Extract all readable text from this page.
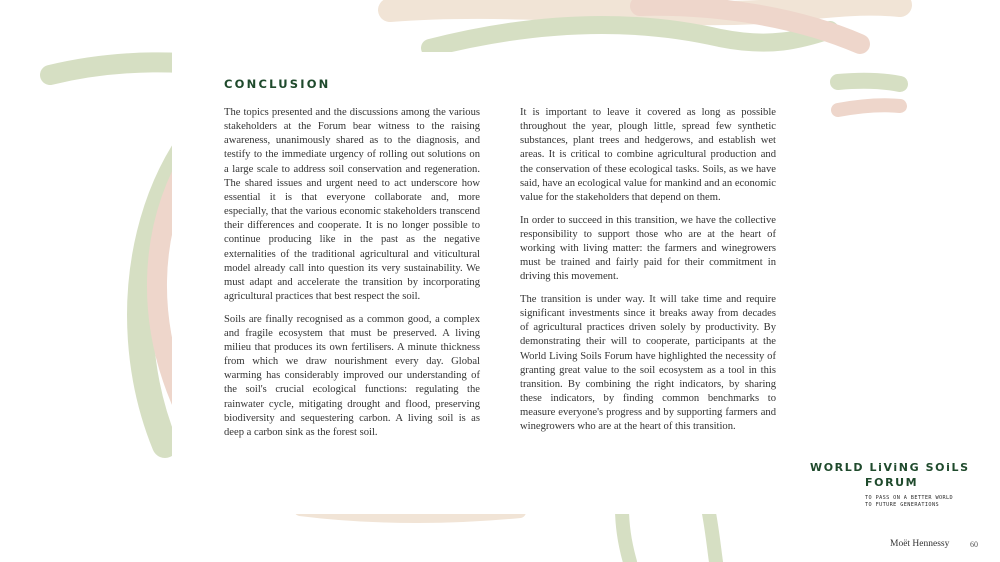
CONCLUSION

The topics presented and the discussions among the various stakeholders at the Forum bear witness to the raising awareness, unanimously shared as to the diagnosis, and testify to the immediate urgency of rolling out solutions on a large scale to address soil conservation and regeneration. The shared issues and urgent need to act underscore how essential it is that everyone collaborate and, more especially, that the various economic stakeholders transcend their differences and cooperate. It is no longer possible to continue producing like in the past as the negative externalities of the traditional agricultural and viticultural model already call into question its very sustainability. We must adapt and accelerate the transition by incorporating agricultural practices that best respect the soil.

Soils are finally recognised as a common good, a complex and fragile ecosystem that must be preserved. A living milieu that produces its own fertilisers. A minute thickness from which we draw nourishment every day. Global warming has considerably improved our understanding of the soil's crucial ecological functions: regulating the rainwater cycle, mitigating drought and flood, preserving biodiversity and sequestering carbon. A living soil is as deep a carbon sink as the forest soil.

It is important to leave it covered as long as possible throughout the year, plough little, spread few synthetic substances, plant trees and hedgerows, and establish wet areas. It is critical to combine agricultural production and the conservation of these ecological tasks. Soils, as we have said, have an ecological value for mankind and an economic value for the stakeholders that depend on them.

In order to succeed in this transition, we have the collective responsibility to support those who are at the heart of working with living matter: the farmers and winegrowers must be trained and fairly paid for their commitment in driving this movement.

The transition is under way. It will take time and require significant investments since it breaks away from decades of agricultural practices driven solely by productivity. By demonstrating their will to cooperate, participants at the World Living Soils Forum have highlighted the necessity of granting great value to the soil ecosystem as a tool in this transition. By combining the right indicators, by sharing these indicators, by finding common benchmarks to measure everyone's progress and by supporting farmers and winegrowers who are at the heart of this transition.

WORLD LiViNG SOiLS
FORUM
TO PASS ON A BETTER WORLD
TO FUTURE GENERATIONS
Moët Hennessy	60
